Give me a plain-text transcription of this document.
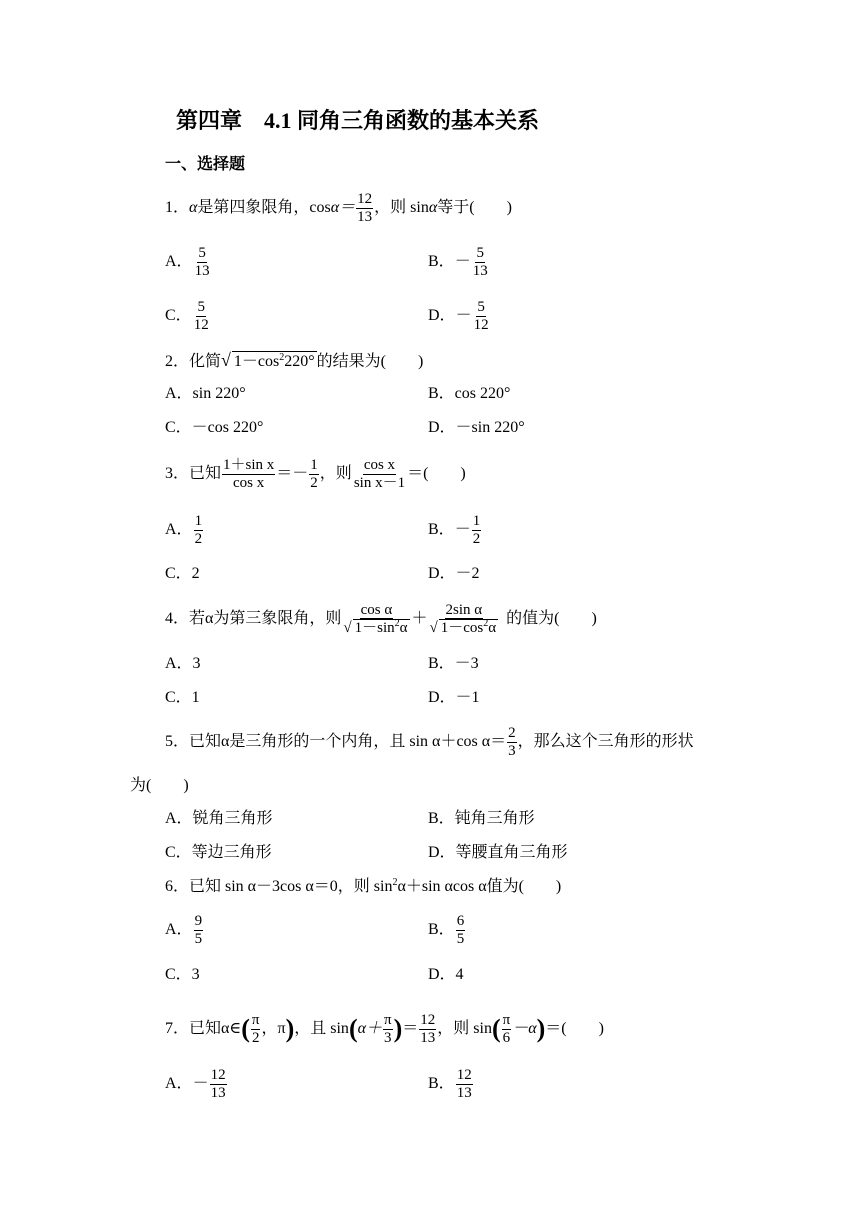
第四章　4.1 同角三角函数的基本关系
一、选择题
1． α 是第四象限角，$\cos \alpha= \frac{12}{13}$ ，则 sin α 等于(　　)
A． $\frac{5}{13}$	B． － $\frac{5}{13}$
C． $\frac{5}{12}$	D． － $\frac{5}{12}$
2．化简√ $1-\cos^2220^\circ$ 的结果为(　　)
A．sin 220°	B．cos 220°
C．－cos 220°	D．－sin 220°
3．已知 $\frac{\text{1＋sin x}}{\text{cos x}} =- \frac{1}{2}$ ，则 $\frac{\text{cos x}}{\text{sin x－1}}$ ＝(　　)
A． $\frac{1}{2}$	B． － $\frac{1}{2}$
C．2	D．－2
4．若α为第三象限角，则 $\frac{\text{cos α}}{√ 1-\sin^2\alpha} + \frac{\text{2sin α}}{√ 1-\cos^2\alpha}$ 的值为(　　)
A．3	B．－3
C．1	D．－1
5．已知α是三角形的一个内角，且 sin α＋cos $\alpha= \frac{2}{3}$ ，那么这个三角形的形状
为(　　)
A．锐角三角形	B．钝角三角形
C．等边三角形	D．等腰直角三角形
6．已知 sin α－3cos α＝0，则 $\sin^2\alpha+\sin$ αcos α值为(　　)
A． $\frac{9}{5}$	B． $\frac{6}{5}$
C．3	D．4
7．已知α∈ ( $\frac{\pi}{2}$ ，π ) ，且 sin ( $\alpha+ \frac{\pi}{3}$ ) ＝ $\frac{12}{13}$ ，则 sin ( $\frac{\pi}{6} -\alpha$ ) ＝(　　)
A． － $\frac{12}{13}$	B． $\frac{12}{13}$
